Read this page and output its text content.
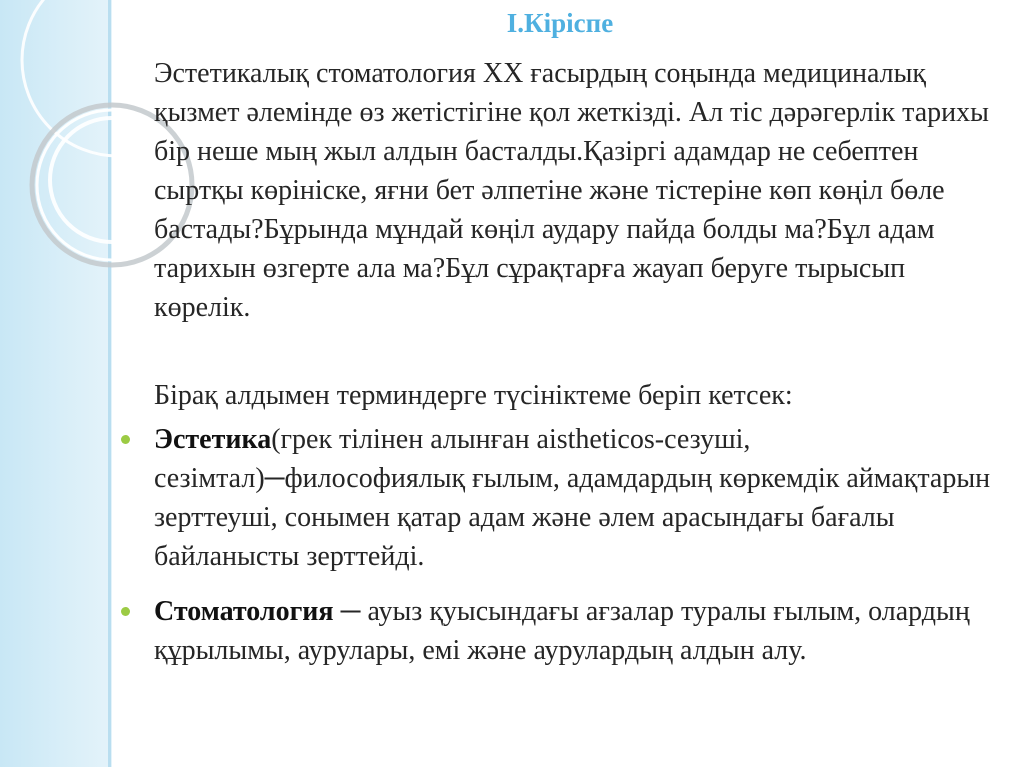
I.Кіріспе

Эстетикалық стоматология XX ғасырдың соңында медициналық қызмет әлемінде өз жетістігіне қол жеткізді. Ал тіс дәрәгерлік тарихы бір неше мың жыл алдын басталды.Қазіргі адамдар не себептен сыртқы көрініске, яғни бет әлпетіне және тістеріне көп көңіл бөле бастады?Бұрында мұндай көңіл аудару пайда болды ма?Бұл адам тарихын өзгерте ала ма?Бұл сұрақтарға жауап беруге тырысып көрелік.

Бірақ алдымен терминдерге түсініктеме беріп кетсек:

Эстетика(грек тілінен алынған aistheticos-сезуші, сезімтал)─философиялық ғылым, адамдардың көркемдік аймақтарын зерттеуші, сонымен қатар адам және әлем арасындағы бағалы байланысты зерттейді.
Стоматология ─ ауыз қуысындағы ағзалар туралы ғылым, олардың құрылымы, аурулары, емі және аурулардың алдын алу.
